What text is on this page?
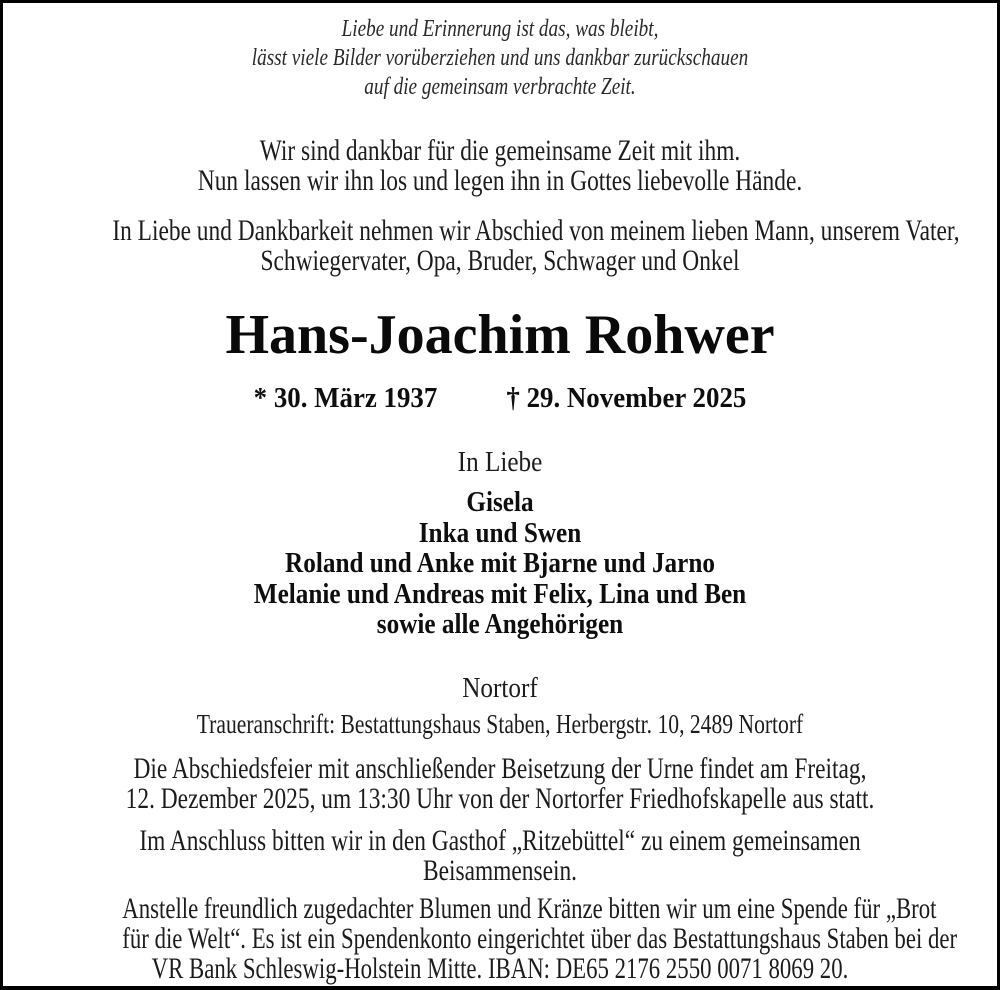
Liebe und Erinnerung ist das, was bleibt,
lässt viele Bilder vorüberziehen und uns dankbar zurückschauen
auf die gemeinsam verbrachte Zeit.
Wir sind dankbar für die gemeinsame Zeit mit ihm.
Nun lassen wir ihn los und legen ihn in Gottes liebevolle Hände.
In Liebe und Dankbarkeit nehmen wir Abschied von meinem lieben Mann, unserem Vater,
Schwiegervater, Opa, Bruder, Schwager und Onkel
Hans-Joachim Rohwer
* 30. März 1937 † 29. November 2025
In Liebe
Gisela
Inka und Swen
Roland und Anke mit Bjarne und Jarno
Melanie und Andreas mit Felix, Lina und Ben
sowie alle Angehörigen
Nortorf
Traueranschrift: Bestattungshaus Staben, Herbergstr. 10, 2489 Nortorf
Die Abschiedsfeier mit anschließender Beisetzung der Urne findet am Freitag,
12. Dezember 2025, um 13:30 Uhr von der Nortorfer Friedhofskapelle aus statt.
Im Anschluss bitten wir in den Gasthof „Ritzebüttel“ zu einem gemeinsamen
Beisammensein.
Anstelle freundlich zugedachter Blumen und Kränze bitten wir um eine Spende für „Brot
für die Welt“. Es ist ein Spendenkonto eingerichtet über das Bestattungshaus Staben bei der
VR Bank Schleswig-Holstein Mitte. IBAN: DE65 2176 2550 0071 8069 20.
